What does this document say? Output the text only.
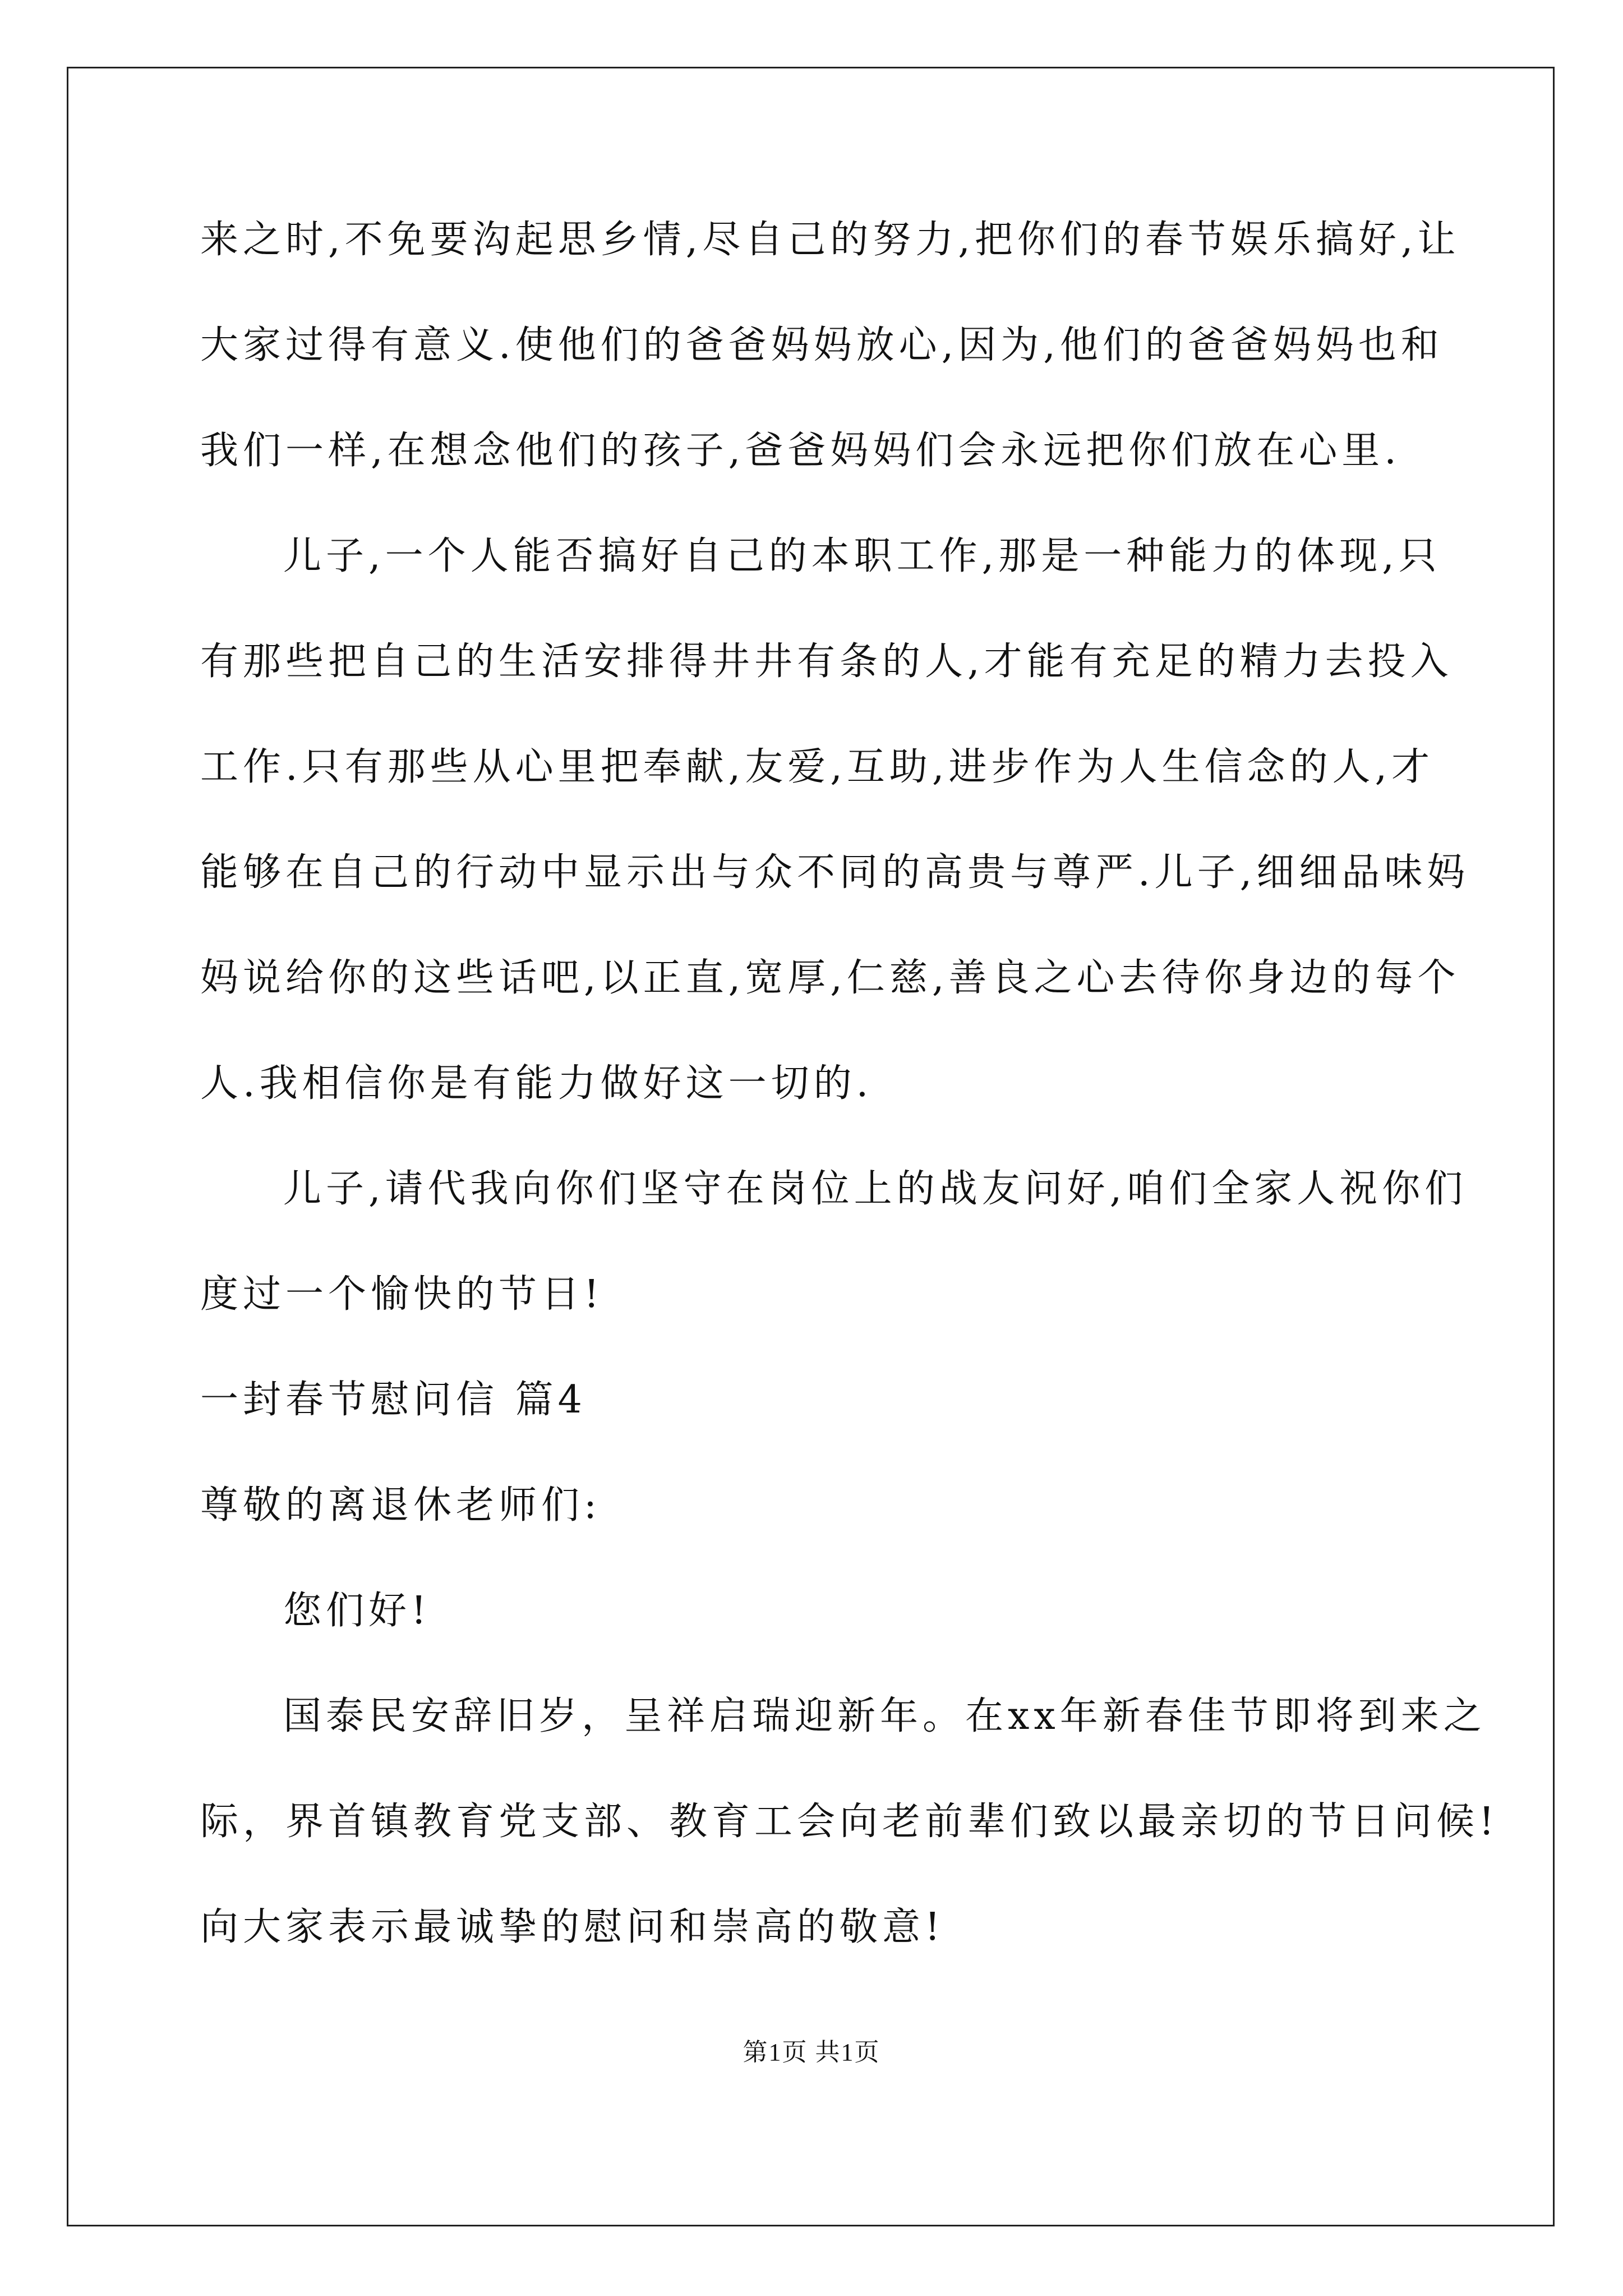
来之时,不免要沟起思乡情,尽自己的努力,把你们的春节娱乐搞好,让

大家过得有意义.使他们的爸爸妈妈放心,因为,他们的爸爸妈妈也和

我们一样,在想念他们的孩子,爸爸妈妈们会永远把你们放在心里.

儿子,一个人能否搞好自己的本职工作,那是一种能力的体现,只

有那些把自己的生活安排得井井有条的人,才能有充足的精力去投入

工作.只有那些从心里把奉献,友爱,互助,进步作为人生信念的人,才

能够在自己的行动中显示出与众不同的高贵与尊严.儿子,细细品味妈

妈说给你的这些话吧,以正直,宽厚,仁慈,善良之心去待你身边的每个

人.我相信你是有能力做好这一切的.

儿子,请代我向你们坚守在岗位上的战友问好,咱们全家人祝你们

度过一个愉快的节日!

一封春节慰问信 篇4

尊敬的离退休老师们:

您们好!

国泰民安辞旧岁，呈祥启瑞迎新年。在xx年新春佳节即将到来之

际，界首镇教育党支部、教育工会向老前辈们致以最亲切的节日问候!

向大家表示最诚挚的慰问和崇高的敬意!

第1页 共1页
